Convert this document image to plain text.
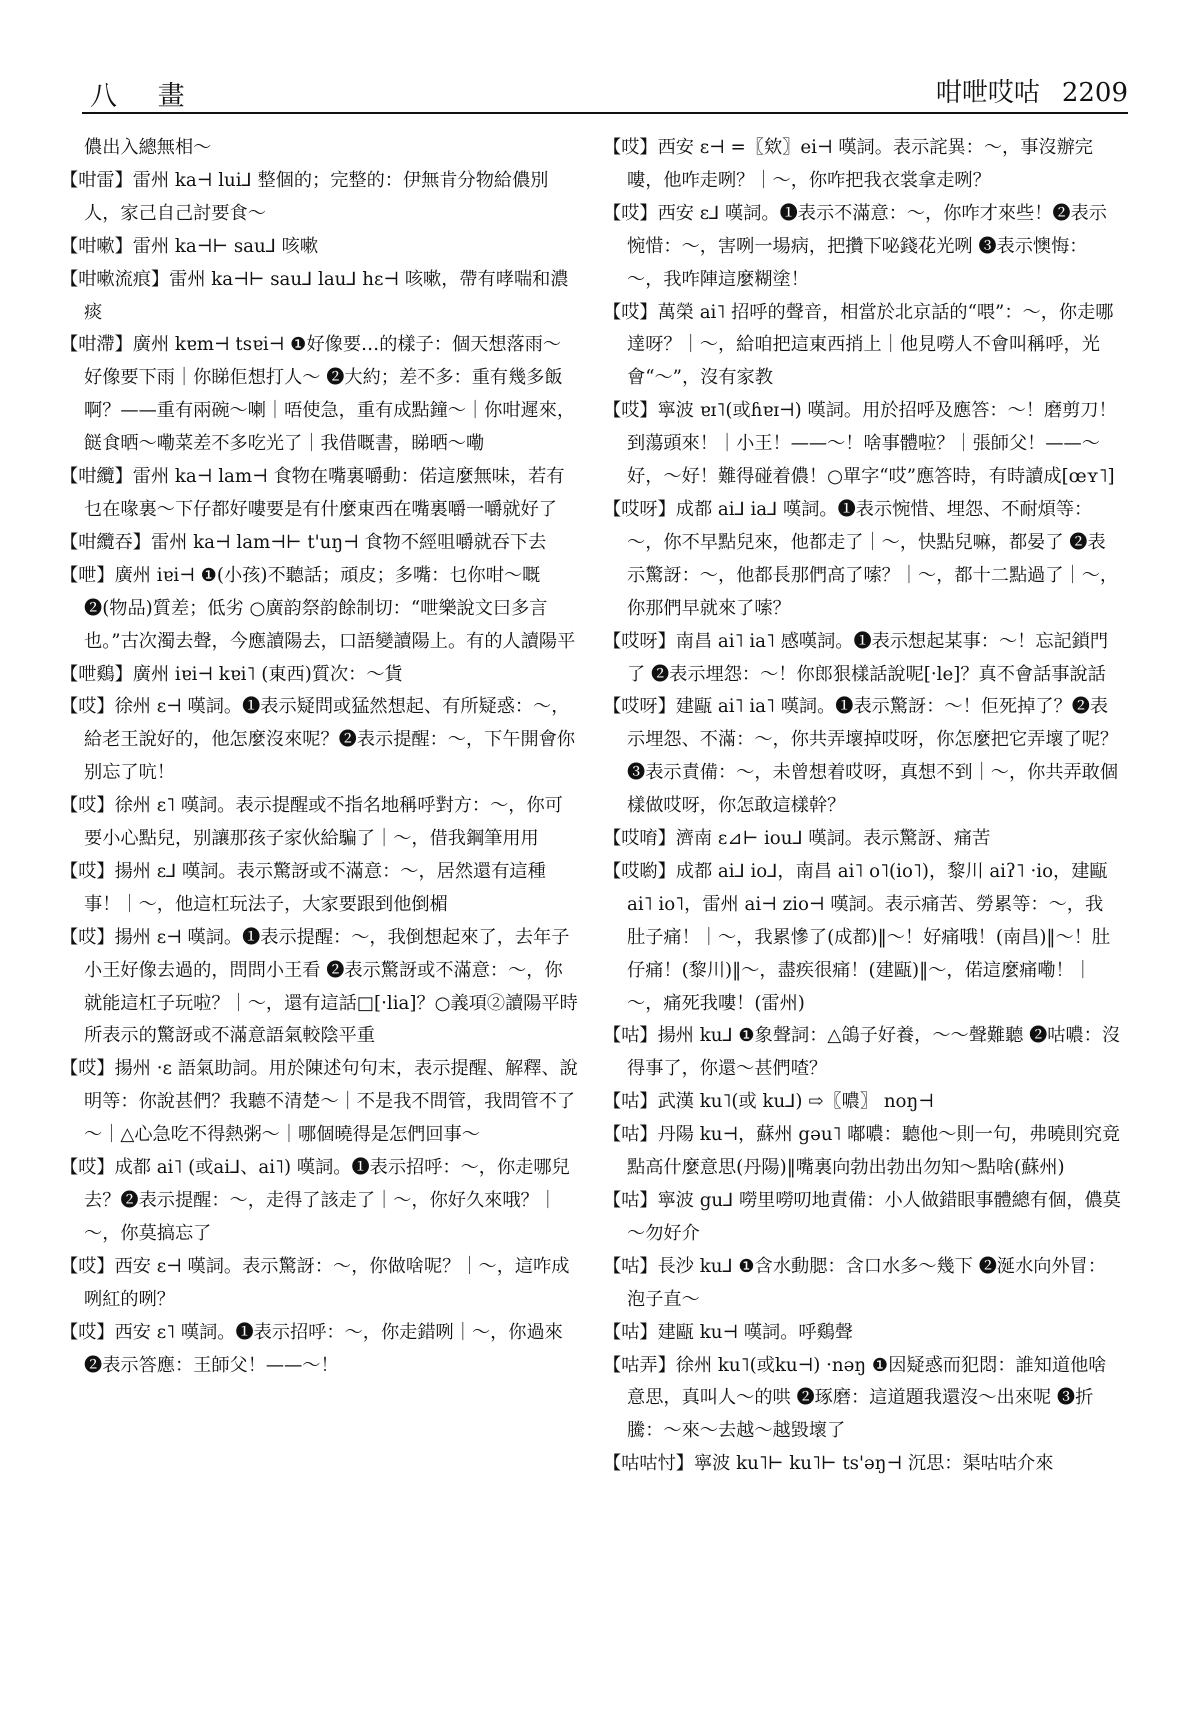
八 畫	咁呭哎咕 2209

儂出入總無相～

【咁雷】雷州 ka⊣ lui⅃ 整個的；完整的：伊無肯分物給儂別人，家己自己討要食～

【咁嗽】雷州 ka⊣⊢ sau⅃ 咳嗽

【咁嗽流痕】雷州 ka⊣⊢ sau⅃ lau⅃ hɛ⊣ 咳嗽，帶有哮喘和濃痰

【咁滯】廣州 kɐm⊣ tsɐi⊣ ❶好像要…的樣子：個天想落雨～好像要下雨｜你睇佢想打人～ ❷大約；差不多：重有幾多飯啊？——重有兩碗～喇｜唔使急，重有成點鐘～｜你咁遲來，餸食晒～嘞菜差不多吃光了｜我借嘅書，睇晒～嘞

【咁纜】雷州 ka⊣ lam⊣ 食物在嘴裏嚼動：偌這麼無味，若有乜在喙裏～下仔都好嘍要是有什麼東西在嘴裏嚼一嚼就好了

【咁纜吞】雷州 ka⊣ lam⊣⊢ t'uŋ⊣ 食物不經咀嚼就吞下去

【呭】廣州 iɐi⊣ ❶(小孩)不聽話；頑皮；多嘴：乜你咁～嘅 ❷(物品)質差；低劣 ○廣韵祭韵餘制切：“呭樂說文曰多言也。”古次濁去聲，今應讀陽去，口語變讀陽上。有的人讀陽平

【呭鷄】廣州 iɐi⊣ kɐi˥ (東西)質次：～貨

【哎】徐州 ɛ⊣ 嘆詞。❶表示疑問或猛然想起、有所疑惑：～，給老王說好的，他怎麼沒來呢？❷表示提醒：～，下午開會你别忘了吭！

【哎】徐州 ɛ˥ 嘆詞。表示提醒或不指名地稱呼對方：～，你可要小心點兒，别讓那孩子家伙給騙了｜～，借我鋼筆用用

【哎】揚州 ɛ⅃ 嘆詞。表示驚訝或不滿意：～，居然還有這種事！｜～，他這杠玩法子，大家要跟到他倒楣

【哎】揚州 ɛ⊣ 嘆詞。❶表示提醒：～，我倒想起來了，去年子小王好像去過的，問問小王看 ❷表示驚訝或不滿意：～，你就能這杠子玩啦？｜～，還有這話□[·lia]？○義項②讀陽平時所表示的驚訝或不滿意語氣較陰平重

【哎】揚州 ·ɛ 語氣助詞。用於陳述句句末，表示提醒、解釋、說明等：你說甚們？我聽不清楚～｜不是我不問管，我問管不了～｜△心急吃不得熱粥～｜哪個曉得是怎們回事～

【哎】成都 ai˥ (或ai⅃、ai˥) 嘆詞。❶表示招呼：～，你走哪兒去？❷表示提醒：～，走得了該走了｜～，你好久來哦？｜～，你莫搞忘了

【哎】西安 ɛ⊣ 嘆詞。表示驚訝：～，你做啥呢？｜～，這咋成咧紅的咧？

【哎】西安 ɛ˥ 嘆詞。❶表示招呼：～，你走錯咧｜～，你過來 ❷表示答應：王師父！——～！

【哎】西安 ɛ⊣ =〖欸〗ei⊣ 嘆詞。表示詫異：～，事沒辦完嘍，他咋走咧？｜～，你咋把我衣裳拿走咧？

【哎】西安 ɛ⅃ 嘆詞。❶表示不滿意：～，你咋才來些！❷表示惋惜：～，害咧一場病，把攢下咇錢花光咧 ❸表示懊悔：～，我咋陣這麼糊塗！

【哎】萬榮 ai˥ 招呼的聲音，相當於北京話的“喂”：～，你走哪達呀？｜～，給咱把這東西捎上｜他見嘮人不會叫稱呼，光會“～”，沒有家教

【哎】寧波 ɐɪ˥(或ɦɐɪ⊣) 嘆詞。用於招呼及應答：～！磨剪刀！到蕩頭來！｜小王！——～！啥事體啦？｜張師父！——～好，～好！難得碰着儂！○單字“哎”應答時，有時讀成[œʏ˥]

【哎呀】成都 ai⅃ ia⅃ 嘆詞。❶表示惋惜、埋怨、不耐煩等：～，你不早點兒來，他都走了｜～，快點兒嘛，都晏了 ❷表示驚訝：～，他都長那們高了嗦？｜～，都十二點過了｜～，你那們早就來了嗦？

【哎呀】南昌 ai˥ ia˥ 感嘆詞。❶表示想起某事：～！忘記鎖門了 ❷表示埋怨：～！你郎狠樣話說呢[·le]？真不會話事說話

【哎呀】建甌 ai˥ ia˥ 嘆詞。❶表示驚訝：～！佢死掉了？❷表示埋怨、不滿：～，你共弄壞掉哎呀，你怎麼把它弄壞了呢？❸表示責備：～，未曾想着哎呀，真想不到｜～，你共弄敢個樣做哎呀，你怎敢這樣幹？

【哎唷】濟南 ɛ⊿⊢ iou⅃ 嘆詞。表示驚訝、痛苦

【哎喲】成都 ai⅃ io⅃，南昌 ai˥ o˥(io˥)，黎川 aiʔ˥ ·io，建甌 ai˥ io˥，雷州 ai⊣ zio⊣ 嘆詞。表示痛苦、勞累等：～，我肚子痛！｜～，我累慘了(成都)‖～！好痛哦！(南昌)‖～！肚仔痛！(黎川)‖～，盡疾很痛！(建甌)‖～，偌這麼痛嘞！｜～，痛死我嘍！(雷州)

【咕】揚州 ku⅃ ❶象聲詞：△鴿子好養，～～聲難聽 ❷咕噥：沒得事了，你還～甚們喳？

【咕】武漢 ku˥(或 ku⅃) ⇨〖噥〗 noŋ⊣

【咕】丹陽 ku⊣，蘇州 gəu˥ 嘟噥：聽他～則一句，弗曉則究竟點高什麼意思(丹陽)‖嘴裏向勃出勃出勿知～點啥(蘇州)

【咕】寧波 gu⅃ 嘮里嘮叨地責備：小人做錯眼事體總有個，儂莫～勿好介

【咕】長沙 ku⅃ ❶含水動腮：含口水多～幾下 ❷涎水向外冒：泡子直～

【咕】建甌 ku⊣ 嘆詞。呼鷄聲

【咕弄】徐州 ku˥(或ku⊣) ·nəŋ ❶因疑惑而犯悶：誰知道他啥意思，真叫人～的哄 ❷琢磨：這道題我還沒～出來呢 ❸折騰：～來～去越～越毀壞了

【咕咕忖】寧波 ku˥⊢ ku˥⊢ ts'əŋ⊣ 沉思：渠咕咕介來
